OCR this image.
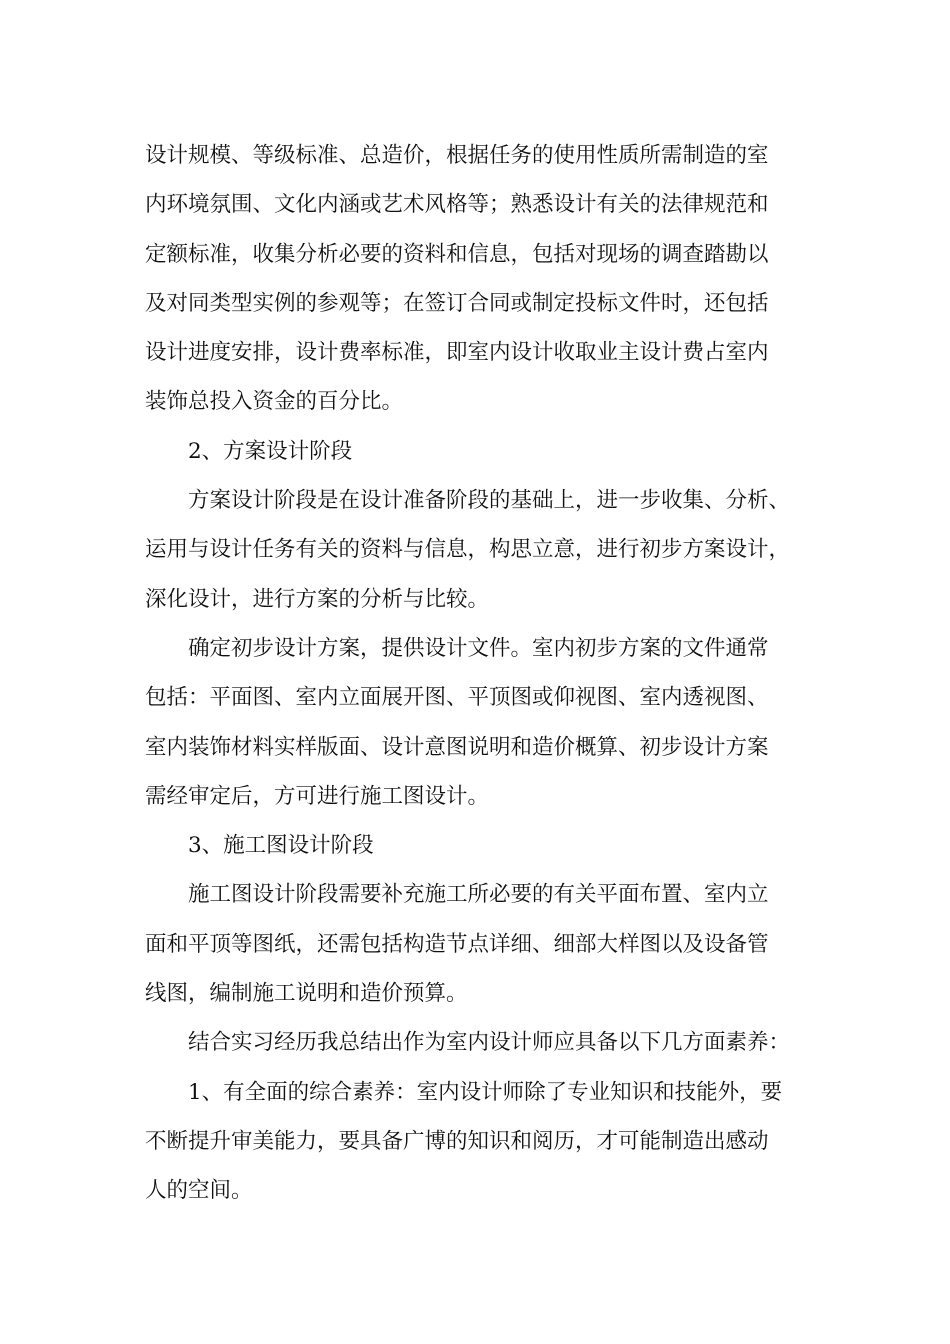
设计规模、等级标准、总造价，根据任务的使用性质所需制造的室
内环境氛围、文化内涵或艺术风格等；熟悉设计有关的法律规范和
定额标准，收集分析必要的资料和信息，包括对现场的调查踏勘以
及对同类型实例的参观等；在签订合同或制定投标文件时，还包括
设计进度安排，设计费率标准，即室内设计收取业主设计费占室内
装饰总投入资金的百分比。
2、方案设计阶段
方案设计阶段是在设计准备阶段的基础上，进一步收集、分析、
运用与设计任务有关的资料与信息，构思立意，进行初步方案设计，
深化设计，进行方案的分析与比较。
确定初步设计方案，提供设计文件。室内初步方案的文件通常
包括：平面图、室内立面展开图、平顶图或仰视图、室内透视图、
室内装饰材料实样版面、设计意图说明和造价概算、初步设计方案
需经审定后，方可进行施工图设计。
3、施工图设计阶段
施工图设计阶段需要补充施工所必要的有关平面布置、室内立
面和平顶等图纸，还需包括构造节点详细、细部大样图以及设备管
线图，编制施工说明和造价预算。
结合实习经历我总结出作为室内设计师应具备以下几方面素养：
1、有全面的综合素养：室内设计师除了专业知识和技能外，要
不断提升审美能力，要具备广博的知识和阅历，才可能制造出感动
人的空间。
